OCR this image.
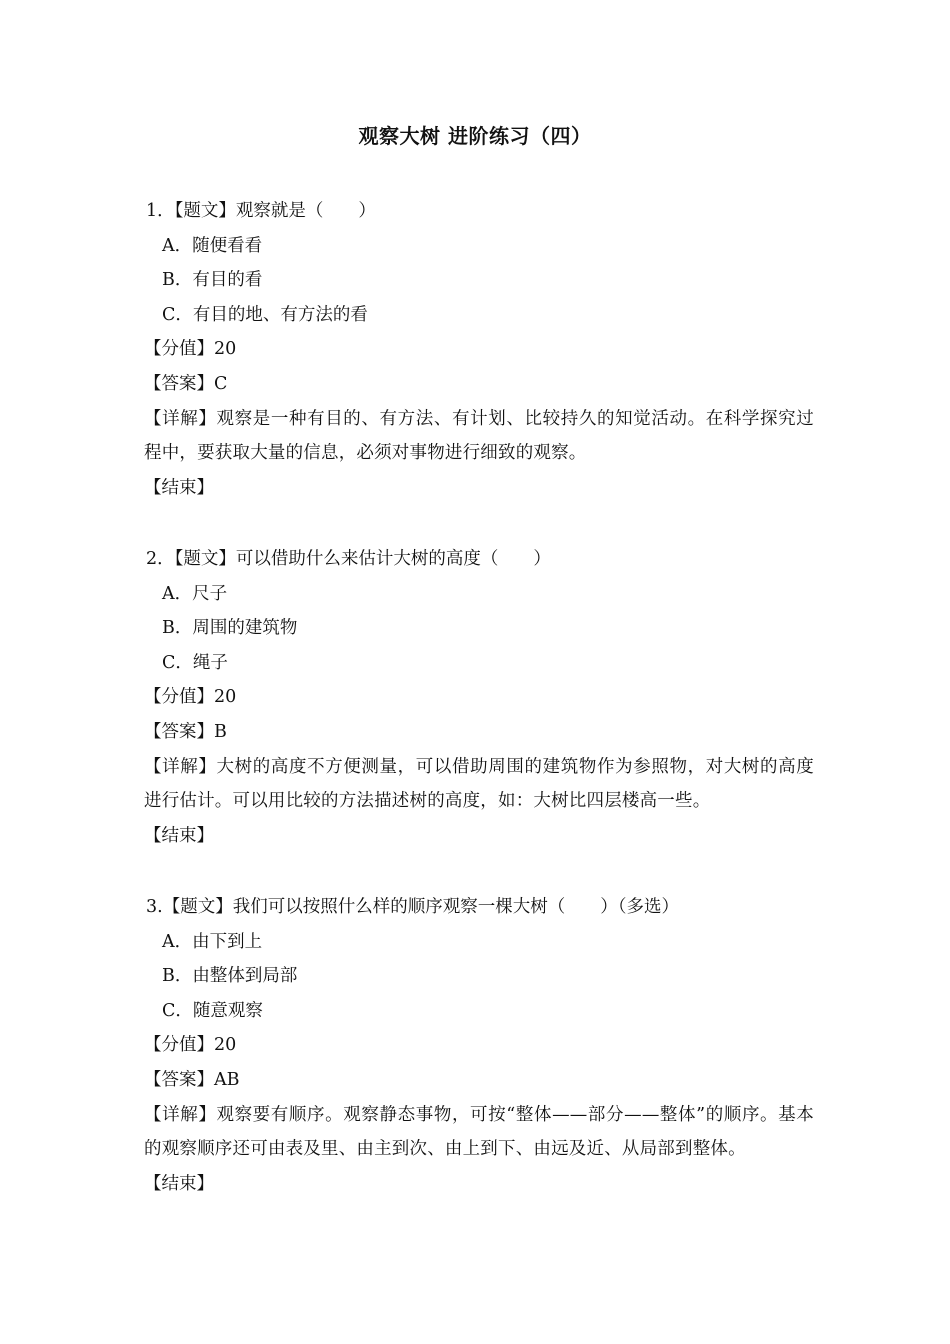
观察大树 进阶练习（四）
1．【题文】观察就是（　　）
A．随便看看
B．有目的看
C．有目的地、有方法的看
【分值】20
【答案】C
【详解】观察是一种有目的、有方法、有计划、比较持久的知觉活动。在科学探究过程中，要获取大量的信息，必须对事物进行细致的观察。
【结束】
2．【题文】可以借助什么来估计大树的高度（　　）
A．尺子
B．周围的建筑物
C．绳子
【分值】20
【答案】B
【详解】大树的高度不方便测量，可以借助周围的建筑物作为参照物，对大树的高度进行估计。可以用比较的方法描述树的高度，如：大树比四层楼高一些。
【结束】
3.【题文】我们可以按照什么样的顺序观察一棵大树（　　）（多选）
A．由下到上
B．由整体到局部
C．随意观察
【分值】20
【答案】AB
【详解】观察要有顺序。观察静态事物，可按“整体——部分——整体”的顺序。基本的观察顺序还可由表及里、由主到次、由上到下、由远及近、从局部到整体。
【结束】
